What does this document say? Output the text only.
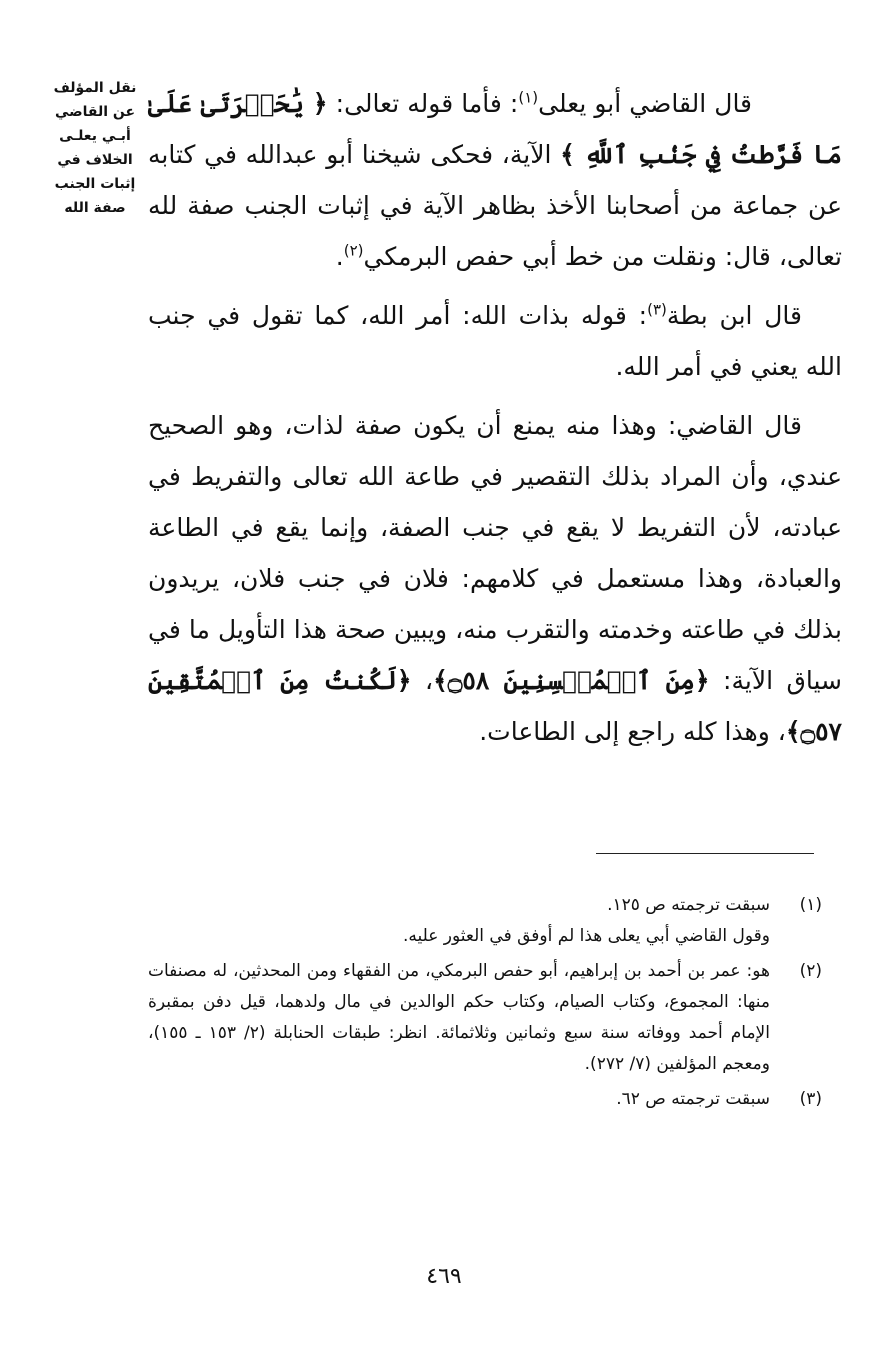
نقل المؤلف
عن القاضي
أبـي يعلـى
الخلاف في
إثبات الجنب
صفة الله

قال القاضي أبو يعلى$^{(١)}$: فأما قوله تعالى: ﴿ يَٰحَسۡرَتَىٰ عَلَىٰ مَا فَرَّطتُ فِي جَنۢبِ ٱللَّهِ ﴾ الآية، فحكى شيخنا أبو عبدالله في كتابه عن جماعة من أصحابنا الأخذ بظاهر الآية في إثبات الجنب صفة لله تعالى، قال: ونقلت من خط أبي حفص البرمكي$^{(٢)}$.

قال ابن بطة$^{(٣)}$: قوله بذات الله: أمر الله، كما تقول في جنب الله يعني في أمر الله.

قال القاضي: وهذا منه يمنع أن يكون صفة لذات، وهو الصحيح عندي، وأن المراد بذلك التقصير في طاعة الله تعالى والتفريط في عبادته، لأن التفريط لا يقع في جنب الصفة، وإنما يقع في الطاعة والعبادة، وهذا مستعمل في كلامهم: فلان في جنب فلان، يريدون بذلك في طاعته وخدمته والتقرب منه، ويبين صحة هذا التأويل ما في سياق الآية: ﴿مِنَ ٱلۡمُحۡسِنِينَ ۝٥٨﴾، ﴿لَكُنتُ مِنَ ٱلۡمُتَّقِينَ ۝٥٧﴾، وهذا كله راجع إلى الطاعات.

(١)
سبقت ترجمته ص ١٢٥.
وقول القاضي أبي يعلى هذا لم أوفق في العثور عليه.
(٢)
هو: عمر بن أحمد بن إبراهيم، أبو حفص البرمكي، من الفقهاء ومن المحدثين، له مصنفات منها: المجموع، وكتاب الصيام، وكتاب حكم الوالدين في مال ولدهما، قيل دفن بمقبرة الإمام أحمد ووفاته سنة سبع وثمانين وثلاثمائة. انظر: طبقات الحنابلة (٢/ ١٥٣ ـ ١٥٥)، ومعجم المؤلفين (٧/ ٢٧٢).
(٣)
سبقت ترجمته ص ٦٢.
٤٦٩
